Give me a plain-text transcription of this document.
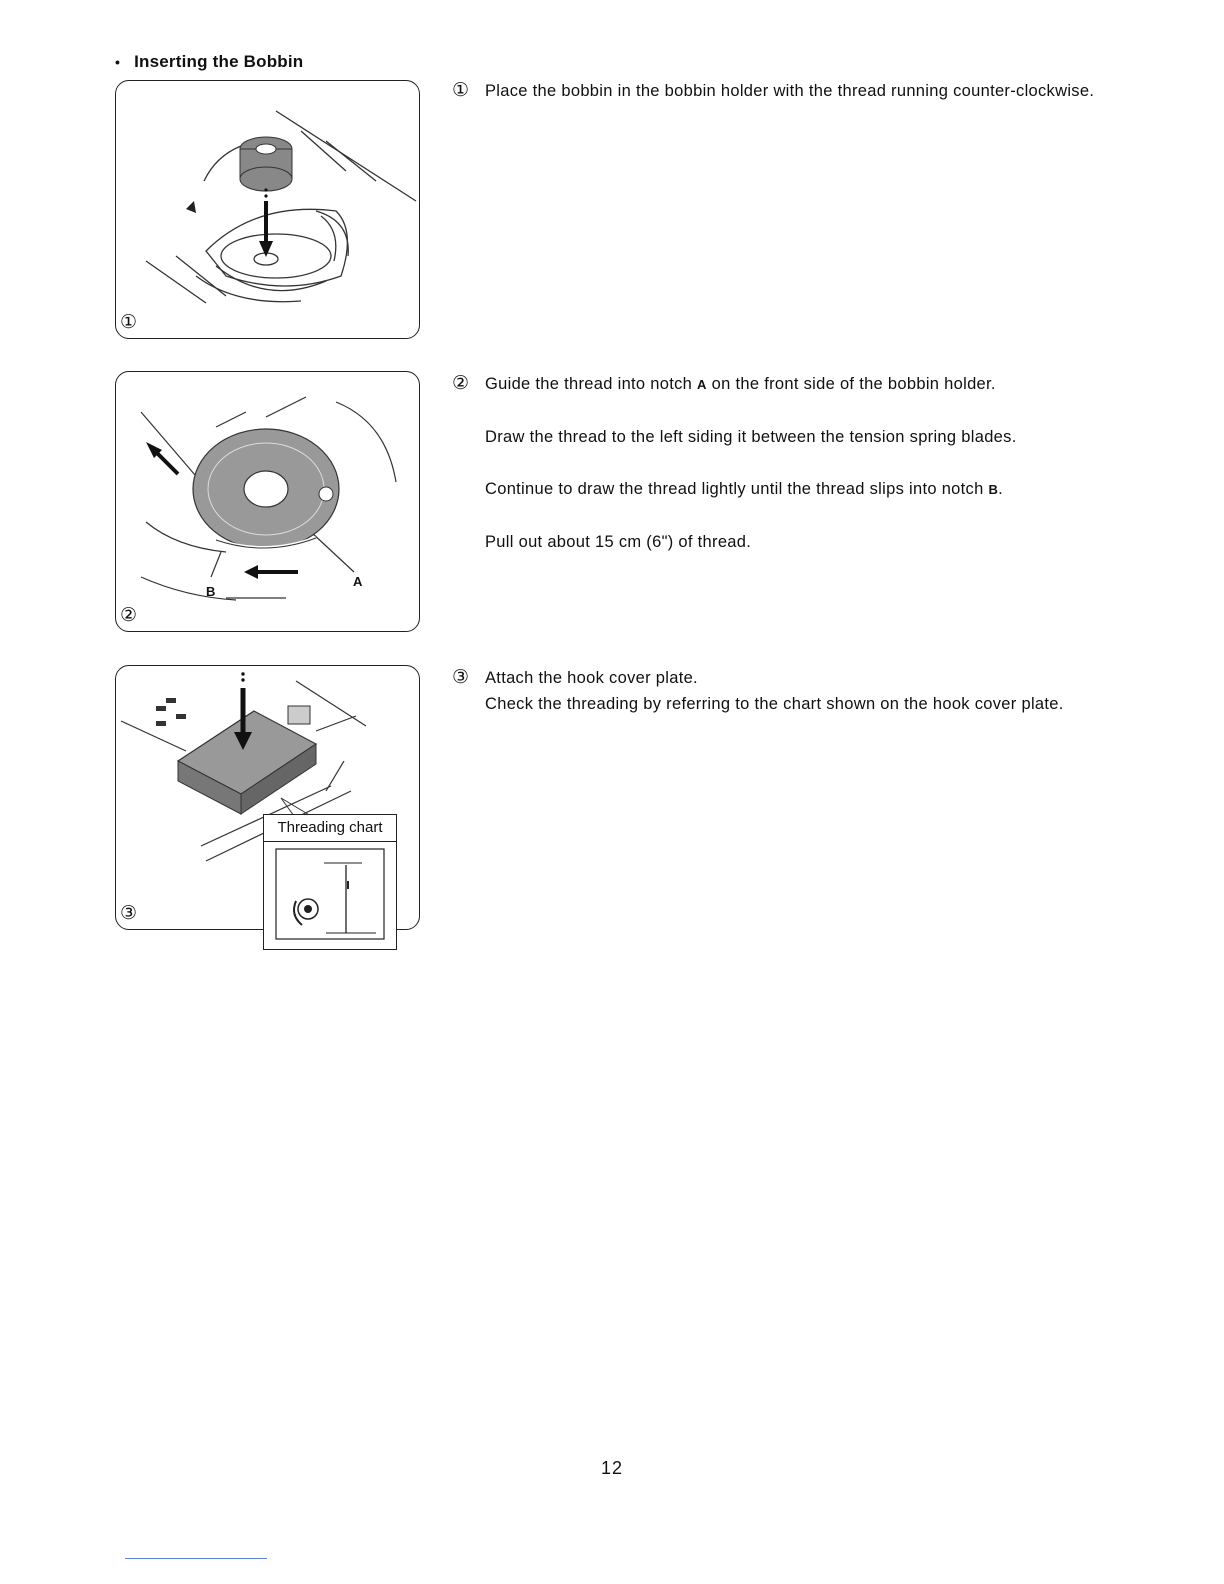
• Inserting the Bobbin
①
A
B
②
Threading chart
③
① Place the bobbin in the bobbin holder with the thread running counter-clockwise.

② Guide the thread into notch A on the front side of the bobbin holder.

Draw the thread to the left siding it between the tension spring blades.

Continue to draw the thread lightly until the thread slips into notch B.

Pull out about 15 cm (6") of thread.

③ Attach the hook cover plate.

Check the threading by referring to the chart shown on the hook cover plate.

12
